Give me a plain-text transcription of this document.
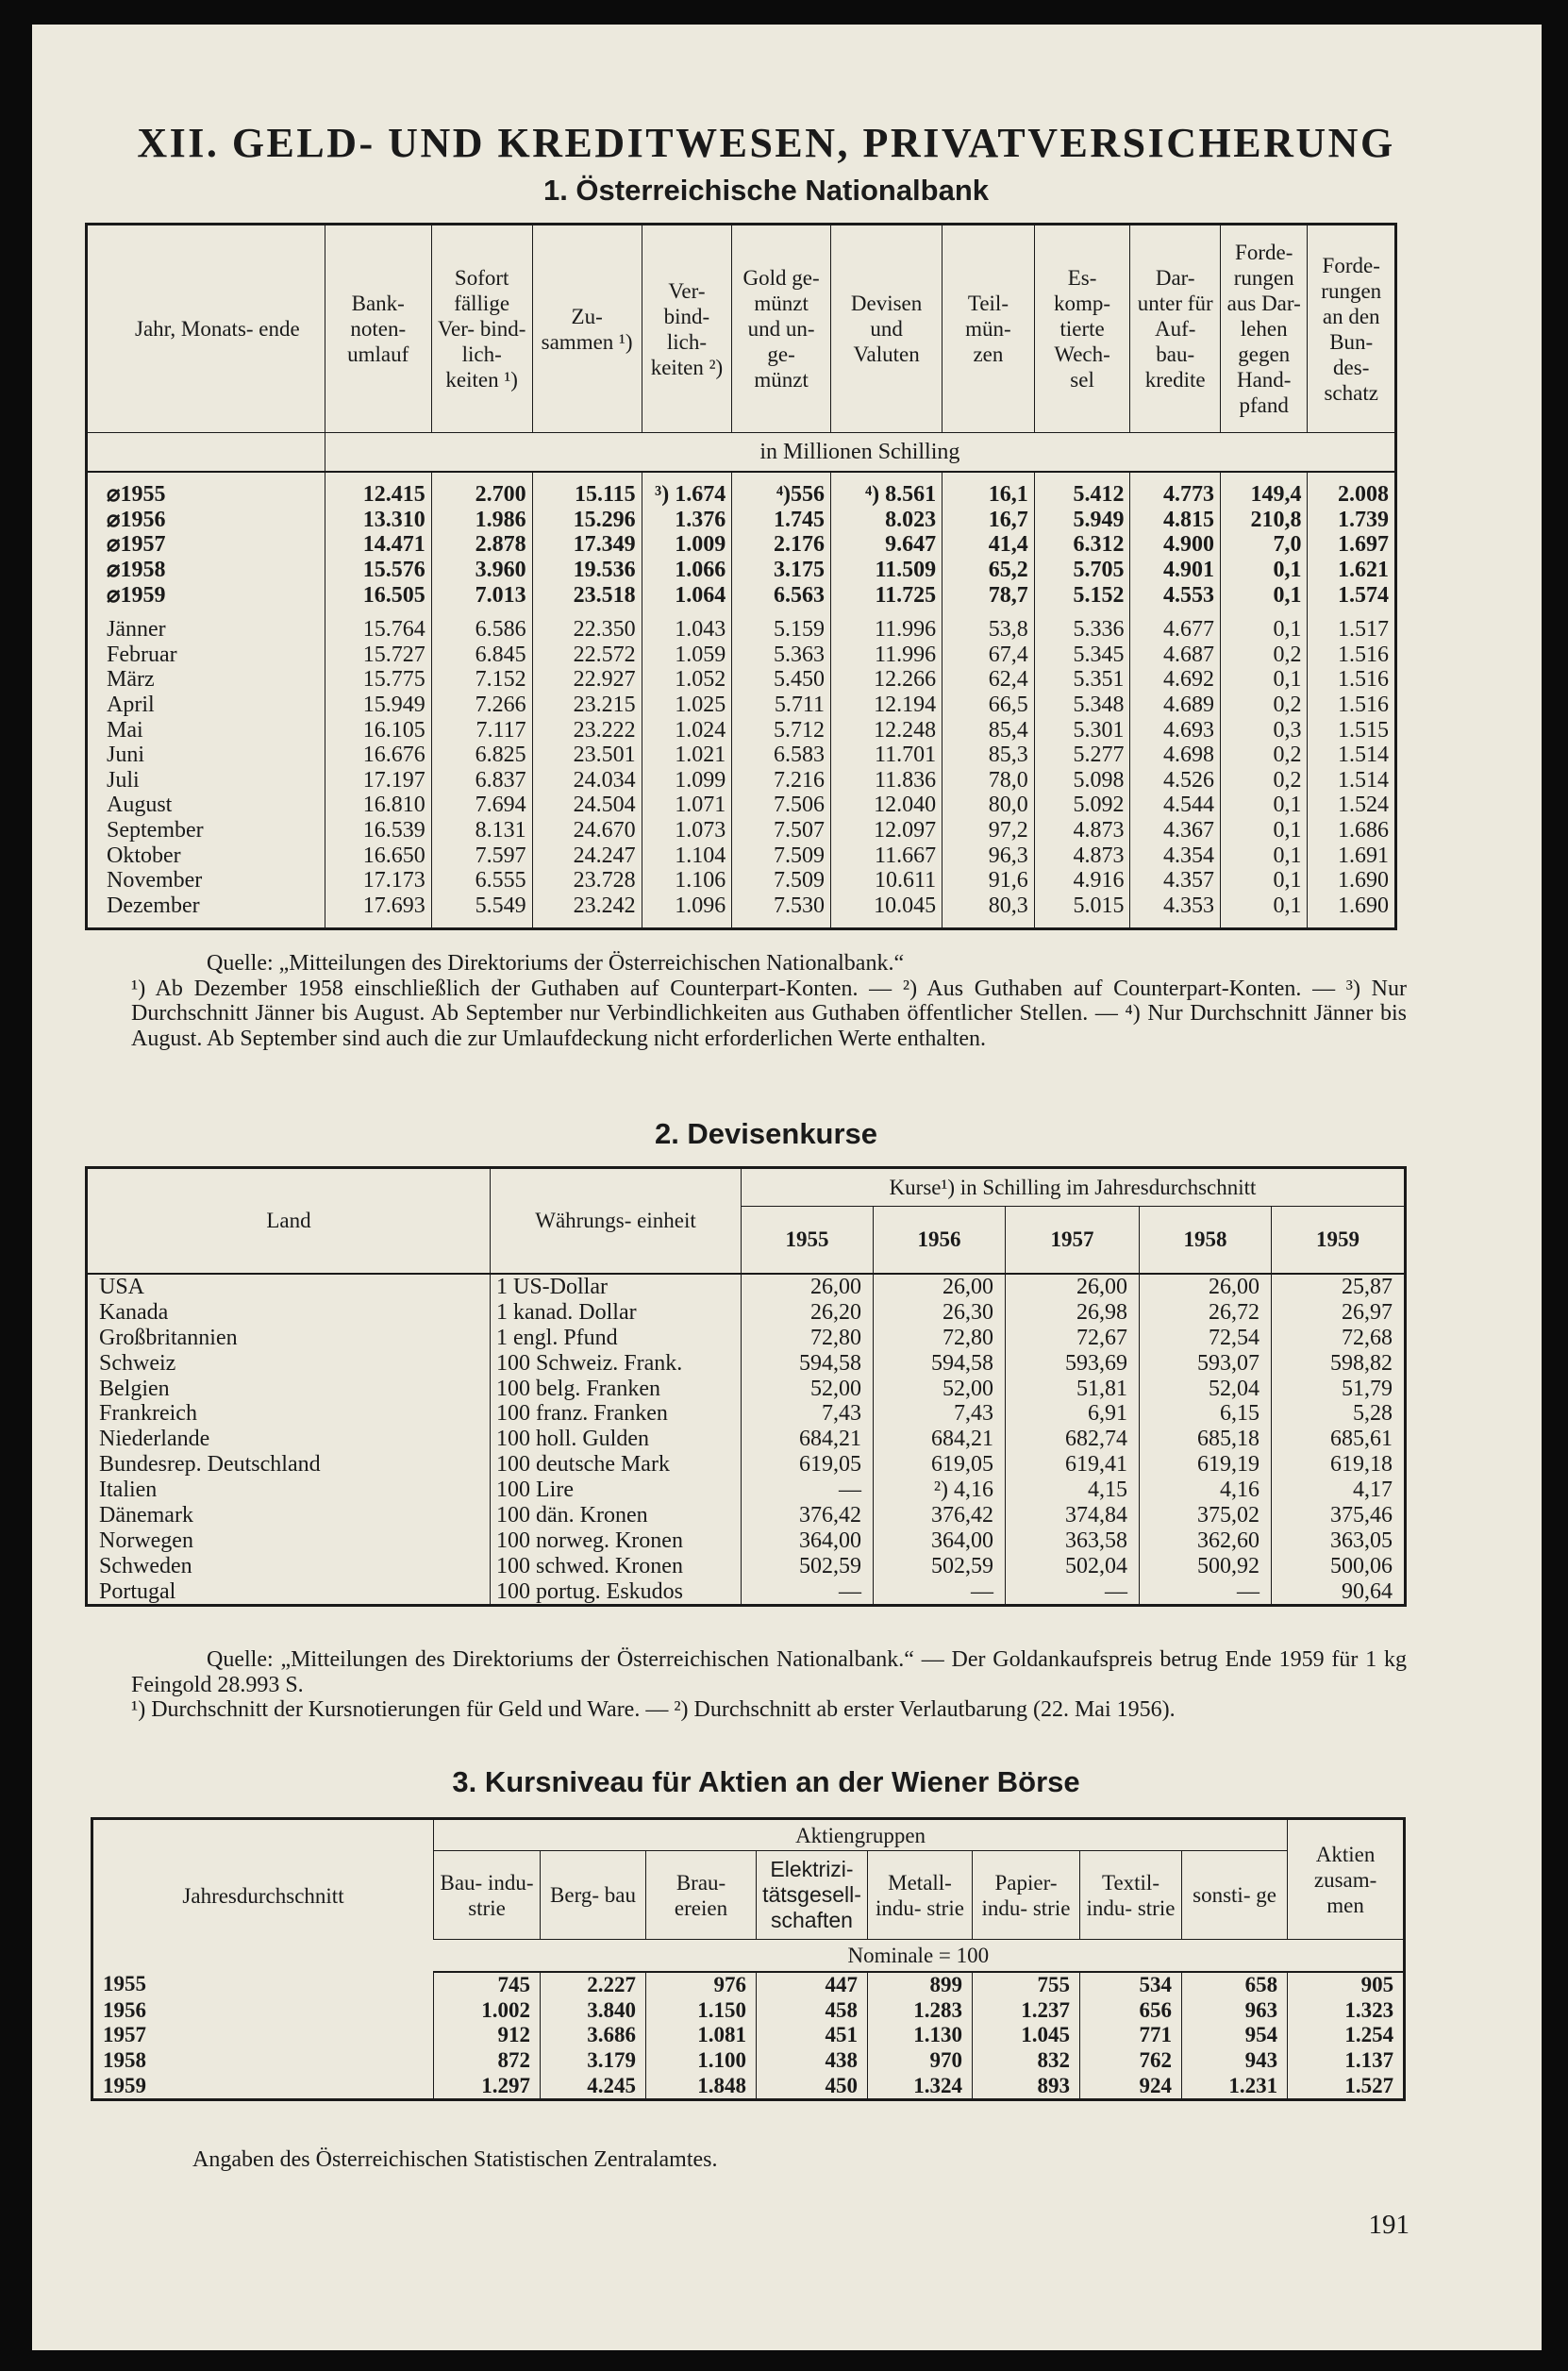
XII. GELD- UND KREDITWESEN, PRIVATVERSICHERUNG
1. Österreichische Nationalbank
Jahr, Monats- ende	Bank- noten- umlauf	Sofort fällige Ver- bind- lich- keiten ¹)	Zu- sammen ¹)	Ver- bind- lich- keiten ²)	Gold ge- münzt und un- ge- münzt	Devisen und Valuten	Teil- mün- zen	Es- komp- tierte Wech- sel	Dar- unter für Auf- bau- kredite	Forde- rungen aus Dar- lehen gegen Hand- pfand	Forde- rungen an den Bun- des- schatz
	in Millionen Schilling										

⌀1955	12.415	2.700	15.115	³) 1.674	⁴)556	⁴) 8.561	16,1	5.412	4.773	149,4	2.008
⌀1956	13.310	1.986	15.296	1.376	1.745	8.023	16,7	5.949	4.815	210,8	1.739
⌀1957	14.471	2.878	17.349	1.009	2.176	9.647	41,4	6.312	4.900	7,0	1.697
⌀1958	15.576	3.960	19.536	1.066	3.175	11.509	65,2	5.705	4.901	0,1	1.621
⌀1959	16.505	7.013	23.518	1.064	6.563	11.725	78,7	5.152	4.553	0,1	1.574

Jänner	15.764	6.586	22.350	1.043	5.159	11.996	53,8	5.336	4.677	0,1	1.517
Februar	15.727	6.845	22.572	1.059	5.363	11.996	67,4	5.345	4.687	0,2	1.516
März	15.775	7.152	22.927	1.052	5.450	12.266	62,4	5.351	4.692	0,1	1.516
April	15.949	7.266	23.215	1.025	5.711	12.194	66,5	5.348	4.689	0,2	1.516
Mai	16.105	7.117	23.222	1.024	5.712	12.248	85,4	5.301	4.693	0,3	1.515
Juni	16.676	6.825	23.501	1.021	6.583	11.701	85,3	5.277	4.698	0,2	1.514
Juli	17.197	6.837	24.034	1.099	7.216	11.836	78,0	5.098	4.526	0,2	1.514
August	16.810	7.694	24.504	1.071	7.506	12.040	80,0	5.092	4.544	0,1	1.524
September	16.539	8.131	24.670	1.073	7.507	12.097	97,2	4.873	4.367	0,1	1.686
Oktober	16.650	7.597	24.247	1.104	7.509	11.667	96,3	4.873	4.354	0,1	1.691
November	17.173	6.555	23.728	1.106	7.509	10.611	91,6	4.916	4.357	0,1	1.690
Dezember	17.693	5.549	23.242	1.096	7.530	10.045	80,3	5.015	4.353	0,1	1.690

Quelle: „Mitteilungen des Direktoriums der Österreichischen Nationalbank.“

¹) Ab Dezember 1958 einschließlich der Guthaben auf Counterpart-Konten. — ²) Aus Guthaben auf Counterpart-Konten. — ³) Nur Durchschnitt Jänner bis August. Ab September nur Verbindlichkeiten aus Guthaben öffentlicher Stellen. — ⁴) Nur Durchschnitt Jänner bis August. Ab September sind auch die zur Umlaufdeckung nicht erforderlichen Werte enthalten.

2. Devisenkurse
Land	Währungs- einheit	Kurse¹) in Schilling im Jahresdurchschnitt				
		1955	1956	1957	1958	1959
USA	1 US-Dollar	26,00	26,00	26,00	26,00	25,87
Kanada	1 kanad. Dollar	26,20	26,30	26,98	26,72	26,97
Großbritannien	1 engl. Pfund	72,80	72,80	72,67	72,54	72,68
Schweiz	100 Schweiz. Frank.	594,58	594,58	593,69	593,07	598,82
Belgien	100 belg. Franken	52,00	52,00	51,81	52,04	51,79
Frankreich	100 franz. Franken	7,43	7,43	6,91	6,15	5,28
Niederlande	100 holl. Gulden	684,21	684,21	682,74	685,18	685,61
Bundesrep. Deutschland	100 deutsche Mark	619,05	619,05	619,41	619,19	619,18
Italien	100 Lire	—	²) 4,16	4,15	4,16	4,17
Dänemark	100 dän. Kronen	376,42	376,42	374,84	375,02	375,46
Norwegen	100 norweg. Kronen	364,00	364,00	363,58	362,60	363,05
Schweden	100 schwed. Kronen	502,59	502,59	502,04	500,92	500,06
Portugal	100 portug. Eskudos	—	—	—	—	90,64

Quelle: „Mitteilungen des Direktoriums der Österreichischen Nationalbank.“ — Der Goldankaufspreis betrug Ende 1959 für 1 kg Feingold 28.993 S.

¹) Durchschnitt der Kursnotierungen für Geld und Ware. — ²) Durchschnitt ab erster Verlautbarung (22. Mai 1956).

3. Kursniveau für Aktien an der Wiener Börse
Jahresdurchschnitt	Aktiengruppen								Aktien zusam- men
	Bau- indu- strie	Berg- bau	Brau- ereien	Elektrizi- tätsgesell- schaften	Metall- indu- strie	Papier- indu- strie	Textil- indu- strie	sonsti- ge	
	Nominale = 100								
1955	745	2.227	976	447	899	755	534	658	905
1956	1.002	3.840	1.150	458	1.283	1.237	656	963	1.323
1957	912	3.686	1.081	451	1.130	1.045	771	954	1.254
1958	872	3.179	1.100	438	970	832	762	943	1.137
1959	1.297	4.245	1.848	450	1.324	893	924	1.231	1.527
Angaben des Österreichischen Statistischen Zentralamtes.
191
